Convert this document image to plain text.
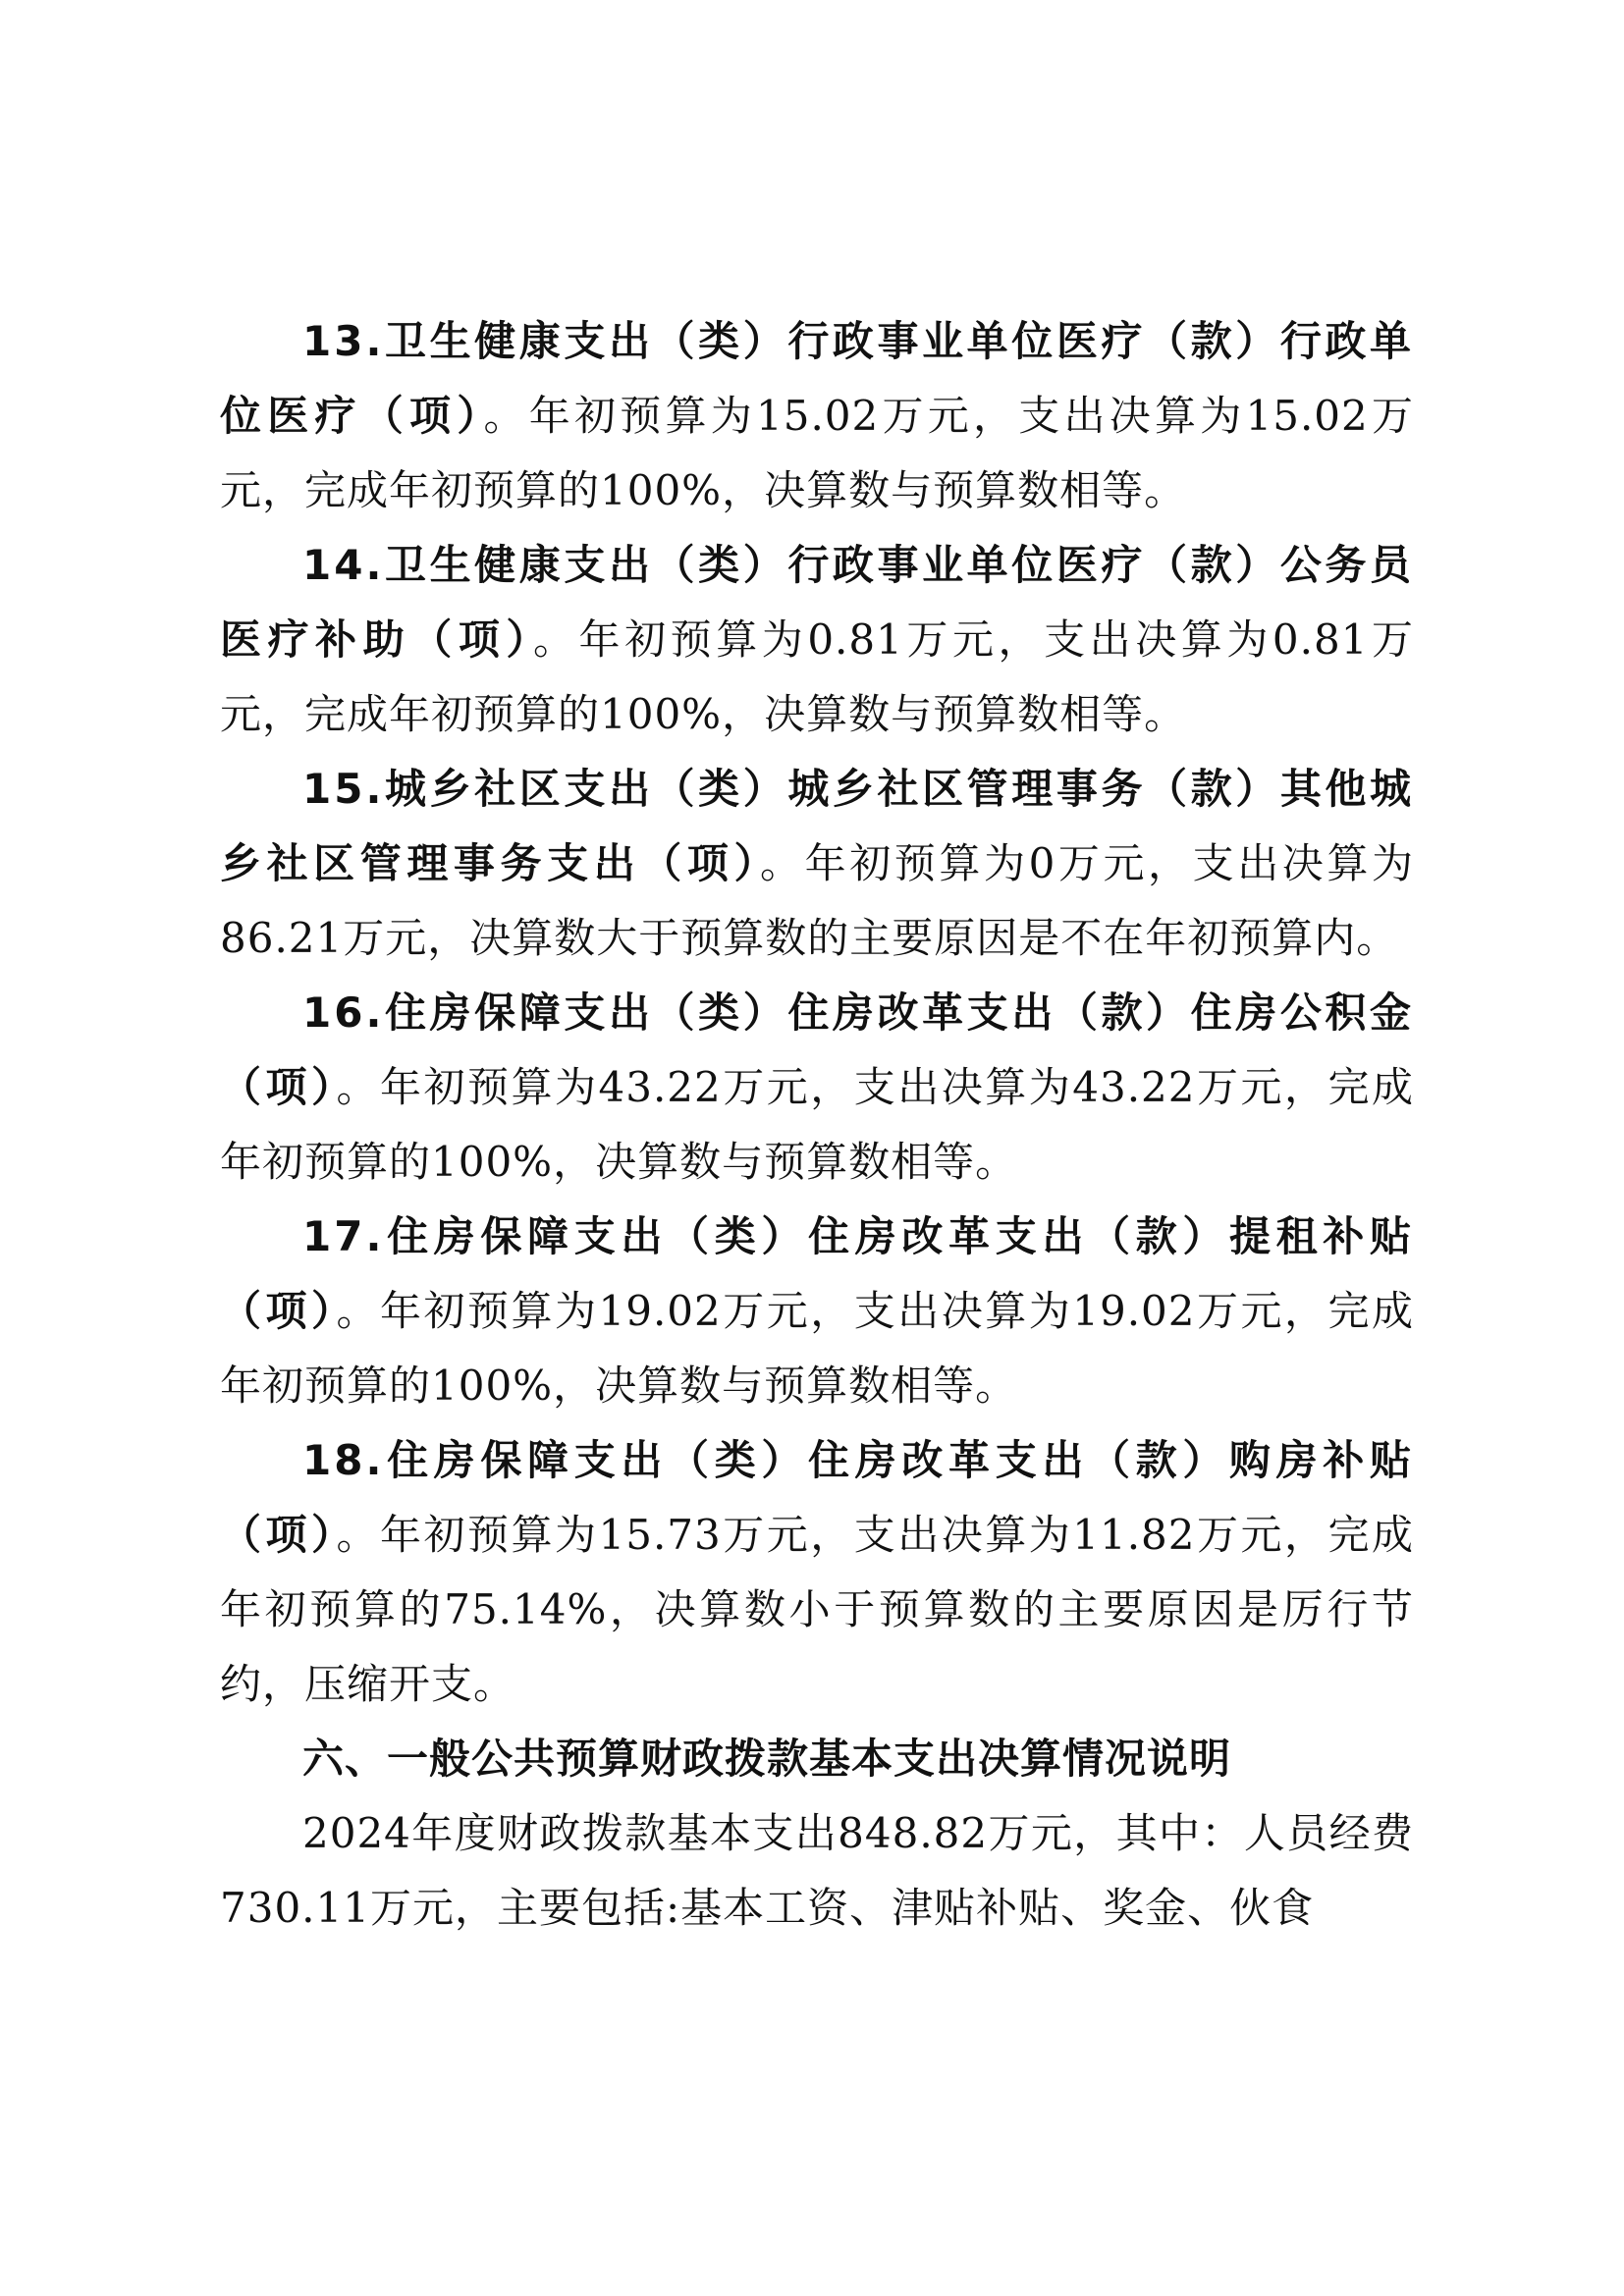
13.卫生健康支出（类）行政事业单位医疗（款）行政单位医疗（项）。年初预算为15.02万元，支出决算为15.02万元，完成年初预算的100%，决算数与预算数相等。

14.卫生健康支出（类）行政事业单位医疗（款）公务员医疗补助（项）。年初预算为0.81万元，支出决算为0.81万元，完成年初预算的100%，决算数与预算数相等。

15.城乡社区支出（类）城乡社区管理事务（款）其他城乡社区管理事务支出（项）。年初预算为0万元，支出决算为86.21万元，决算数大于预算数的主要原因是不在年初预算内。

16.住房保障支出（类）住房改革支出（款）住房公积金（项）。年初预算为43.22万元，支出决算为43.22万元，完成年初预算的100%，决算数与预算数相等。

17.住房保障支出（类）住房改革支出（款）提租补贴（项）。年初预算为19.02万元，支出决算为19.02万元，完成年初预算的100%，决算数与预算数相等。

18.住房保障支出（类）住房改革支出（款）购房补贴（项）。年初预算为15.73万元，支出决算为11.82万元，完成年初预算的75.14%，决算数小于预算数的主要原因是厉行节约，压缩开支。

六、一般公共预算财政拨款基本支出决算情况说明

2024年度财政拨款基本支出848.82万元，其中：人员经费730.11万元，主要包括:基本工资、津贴补贴、奖金、伙食
